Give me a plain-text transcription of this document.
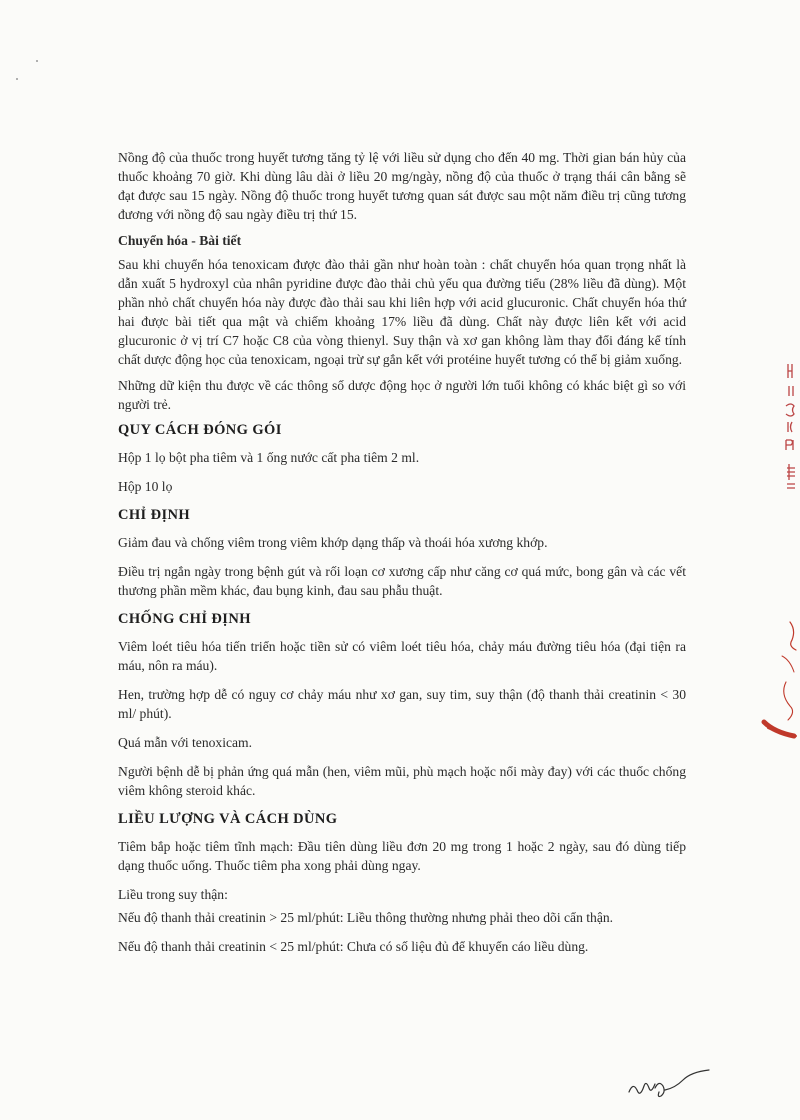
Nồng độ của thuốc trong huyết tương tăng tỷ lệ với liều sử dụng cho đến 40 mg. Thời gian bán hủy của thuốc khoảng 70 giờ. Khi dùng lâu dài ở liều 20 mg/ngày, nồng độ của thuốc ở trạng thái cân bằng sẽ đạt được sau 15 ngày. Nồng độ thuốc trong huyết tương quan sát được sau một năm điều trị cũng tương đương với nồng độ sau ngày điều trị thứ 15.

Chuyển hóa - Bài tiết

Sau khi chuyển hóa tenoxicam được đào thải gần như hoàn toàn : chất chuyển hóa quan trọng nhất là dẫn xuất 5 hydroxyl của nhân pyridine được đào thải chủ yếu qua đường tiểu (28% liều đã dùng). Một phần nhỏ chất chuyển hóa này được đào thải sau khi liên hợp với acid glucuronic. Chất chuyển hóa thứ hai được bài tiết qua mật và chiếm khoảng 17% liều đã dùng. Chất này được liên kết với acid glucuronic ở vị trí C7 hoặc C8 của vòng thienyl. Suy thận và xơ gan không làm thay đổi đáng kể tính chất dược động học của tenoxicam, ngoại trừ sự gắn kết với protéine huyết tương có thể bị giảm xuống.

Những dữ kiện thu được về các thông số dược động học ở người lớn tuổi không có khác biệt gì so với người trẻ.

QUY CÁCH ĐÓNG GÓI

Hộp 1 lọ bột pha tiêm và 1 ống nước cất pha tiêm 2 ml.

Hộp 10 lọ

CHỈ ĐỊNH

Giảm đau và chống viêm trong viêm khớp dạng thấp và thoái hóa xương khớp.

Điều trị ngắn ngày trong bệnh gút và rối loạn cơ xương cấp như căng cơ quá mức, bong gân và các vết thương phần mềm khác, đau bụng kinh, đau sau phẫu thuật.

CHỐNG CHỈ ĐỊNH

Viêm loét tiêu hóa tiến triển hoặc tiền sử có viêm loét tiêu hóa, chảy máu đường tiêu hóa (đại tiện ra máu, nôn ra máu).

Hen, trường hợp dễ có nguy cơ chảy máu như xơ gan, suy tim, suy thận (độ thanh thải creatinin < 30 ml/ phút).

Quá mẫn với tenoxicam.

Người bệnh dễ bị phản ứng quá mẫn (hen, viêm mũi, phù mạch hoặc nổi mày đay) với các thuốc chống viêm không steroid khác.

LIỀU LƯỢNG VÀ CÁCH DÙNG

Tiêm bắp hoặc tiêm tĩnh mạch: Đầu tiên dùng liều đơn 20 mg trong 1 hoặc 2 ngày, sau đó dùng tiếp dạng thuốc uống. Thuốc tiêm pha xong phải dùng ngay.

Liều trong suy thận:

Nếu độ thanh thải creatinin > 25 ml/phút: Liều thông thường nhưng phải theo dõi cẩn thận.

Nếu độ thanh thải creatinin < 25 ml/phút: Chưa có số liệu đủ để khuyến cáo liều dùng.
